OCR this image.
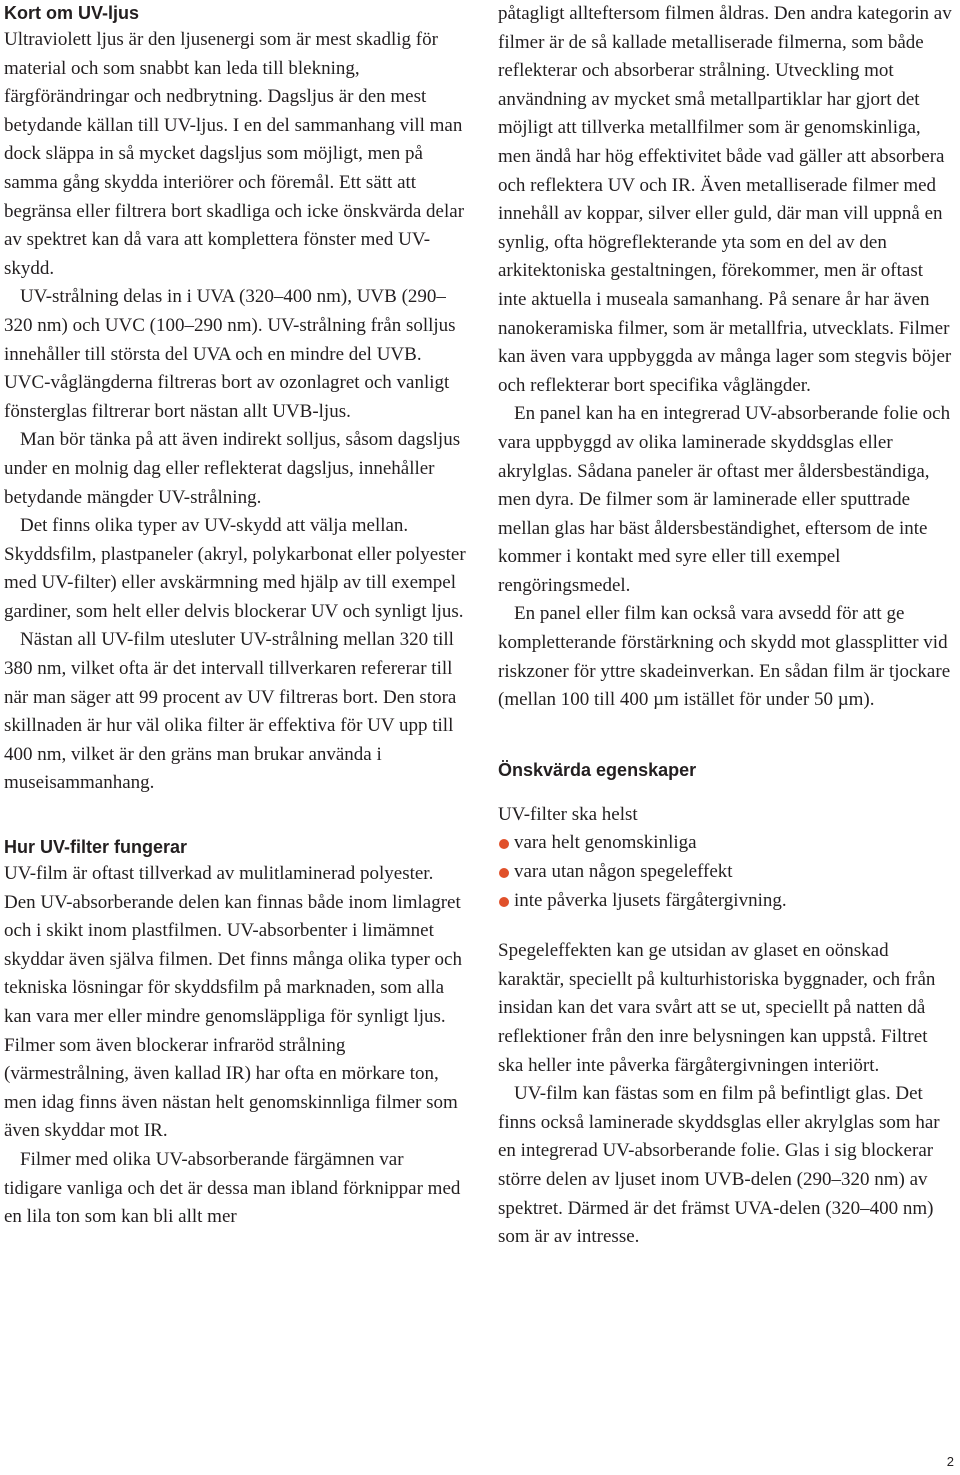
Kort om UV-ljus

Ultraviolett ljus är den ljusenergi som är mest skadlig för material och som snabbt kan leda till blekning, färgförändringar och nedbrytning. Dagsljus är den mest betydande källan till UV-ljus. I en del sammanhang vill man dock släppa in så mycket dagsljus som möjligt, men på samma gång skydda interiörer och föremål. Ett sätt att begränsa eller filtrera bort skadliga och icke önskvärda delar av spektret kan då vara att komplettera fönster med UV-skydd.

UV-strålning delas in i UVA (320–400 nm), UVB (290–320 nm) och UVC (100–290 nm). UV-strålning från solljus innehåller till största del UVA och en mindre del UVB. UVC-våglängderna filtreras bort av ozonlagret och vanligt fönsterglas filtrerar bort nästan allt UVB-ljus.

Man bör tänka på att även indirekt solljus, såsom dagsljus under en molnig dag eller reflekterat dagsljus, innehåller betydande mängder UV-strålning.

Det finns olika typer av UV-skydd att välja mellan. Skyddsfilm, plastpaneler (akryl, polykarbonat eller polyester med UV-filter) eller avskärmning med hjälp av till exempel gardiner, som helt eller delvis blockerar UV och synligt ljus.

Nästan all UV-film utesluter UV-strålning mellan 320 till 380 nm, vilket ofta är det intervall tillverkaren refererar till när man säger att 99 procent av UV filtreras bort. Den stora skillnaden är hur väl olika filter är effektiva för UV upp till 400 nm, vilket är den gräns man brukar använda i museisammanhang.

Hur UV-filter fungerar

UV-film är oftast tillverkad av mulitlaminerad polyester. Den UV-absorberande delen kan finnas både inom limlagret och i skikt inom plastfilmen. UV-absorbenter i limämnet skyddar även själva filmen. Det finns många olika typer och tekniska lösningar för skyddsfilm på marknaden, som alla kan vara mer eller mindre genomsläppliga för synligt ljus. Filmer som även blockerar infraröd strålning (värmestrålning, även kallad IR) har ofta en mörkare ton, men idag finns även nästan helt genomskinnliga filmer som även skyddar mot IR.

Filmer med olika UV-absorberande färgämnen var tidigare vanliga och det är dessa man ibland förknippar med en lila ton som kan bli allt mer

påtagligt allteftersom filmen åldras. Den andra kategorin av filmer är de så kallade metalliserade filmerna, som både reflekterar och absorberar strålning. Utveckling mot användning av mycket små metallpartiklar har gjort det möjligt att tillverka metallfilmer som är genomskinliga, men ändå har hög effektivitet både vad gäller att absorbera och reflektera UV och IR. Även metalliserade filmer med innehåll av koppar, silver eller guld, där man vill uppnå en synlig, ofta högreflekterande yta som en del av den arkitektoniska gestaltningen, förekommer, men är oftast inte aktuella i museala samanhang. På senare år har även nanokeramiska filmer, som är metallfria, utvecklats. Filmer kan även vara uppbyggda av många lager som stegvis böjer och reflekterar bort specifika våglängder.

En panel kan ha en integrerad UV-absorberande folie och vara uppbyggd av olika laminerade skyddsglas eller akrylglas. Sådana paneler är oftast mer åldersbeständiga, men dyra. De filmer som är laminerade eller sputtrade mellan glas har bäst åldersbeständighet, eftersom de inte kommer i kontakt med syre eller till exempel rengöringsmedel.

En panel eller film kan också vara avsedd för att ge kompletterande förstärkning och skydd mot glassplitter vid riskzoner för yttre skadeinverkan. En sådan film är tjockare (mellan 100 till 400 µm istället för under 50 µm).

Önskvärda egenskaper

UV-filter ska helst

vara helt genomskinliga
vara utan någon spegeleffekt
inte påverka ljusets färgåtergivning.

Spegeleffekten kan ge utsidan av glaset en oönskad karaktär, speciellt på kulturhistoriska byggnader, och från insidan kan det vara svårt att se ut, speciellt på natten då reflektioner från den inre belysningen kan uppstå. Filtret ska heller inte påverka färgåtergivningen interiört.

UV-film kan fästas som en film på befintligt glas. Det finns också laminerade skyddsglas eller akrylglas som har en integrerad UV-absorberande folie. Glas i sig blockerar större delen av ljuset inom UVB-delen (290–320 nm) av spektret. Därmed är det främst UVA-delen (320–400 nm) som är av intresse.

2
